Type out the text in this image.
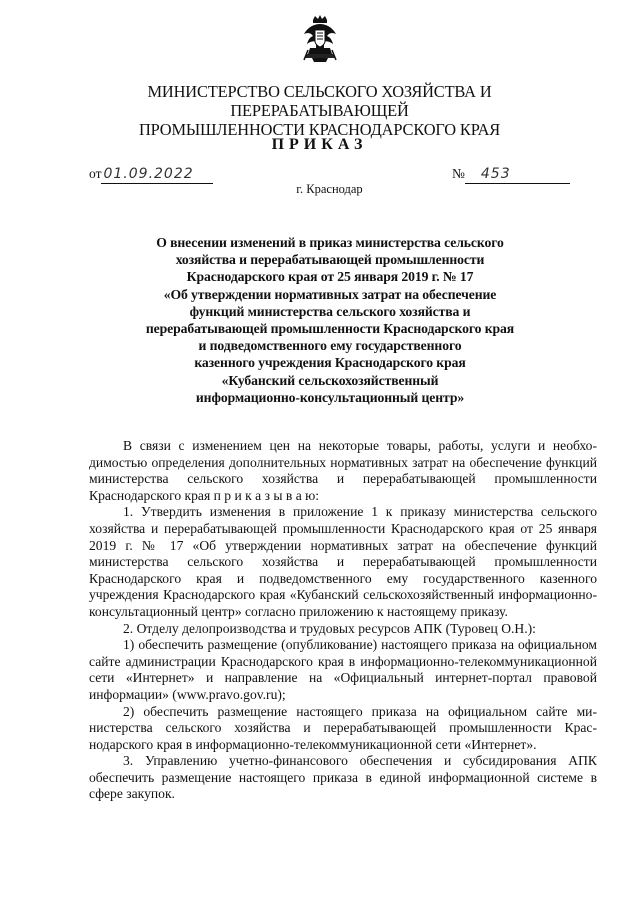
МИНИСТЕРСТВО СЕЛЬСКОГО ХОЗЯЙСТВА И ПЕРЕРАБАТЫВАЮЩЕЙ
ПРОМЫШЛЕННОСТИ КРАСНОДАРСКОГО КРАЯ
ПРИКАЗ
от 01.09.2022	№ 453
г. Краснодар
О внесении изменений в приказ министерства сельского
хозяйства и перерабатывающей промышленности
Краснодарского края от 25 января 2019 г. № 17
«Об утверждении нормативных затрат на обеспечение
функций министерства сельского хозяйства и
перерабатывающей промышленности Краснодарского края
и подведомственного ему государственного
казенного учреждения Краснодарского края
«Кубанский сельскохозяйственный
информационно-консультационный центр»

В связи с изменением цен на некоторые товары, работы, услуги и необходимостью определения дополнительных нормативных затрат на обеспечение функций министерства сельского хозяйства и перерабатывающей промышленности Краснодарского края п р и к а з ы в а ю:

1. Утвердить изменения в приложение 1 к приказу министерства сельского хозяйства и перерабатывающей промышленности Краснодарского края от 25 января 2019 г. № 17 «Об утверждении нормативных затрат на обеспечение функций министерства сельского хозяйства и перерабатывающей промышленности Краснодарского края и подведомственного ему государственного казенного учреждения Краснодарского края «Кубанский сельскохозяйственный информационно-консультационный центр» согласно приложению к настоящему приказу.

2. Отделу делопроизводства и трудовых ресурсов АПК (Туровец О.Н.):

1) обеспечить размещение (опубликование) настоящего приказа на официальном сайте администрации Краснодарского края в информационно-телекоммуникационной сети «Интернет» и направление на «Официальный интернет-портал правовой информации» (www.pravo.gov.ru);

2) обеспечить размещение настоящего приказа на официальном сайте министерства сельского хозяйства и перерабатывающей промышленности Краснодарского края в информационно-телекоммуникационной сети «Интернет».

3. Управлению учетно-финансового обеспечения и субсидирования АПК обеспечить размещение настоящего приказа в единой информационной системе в сфере закупок.
